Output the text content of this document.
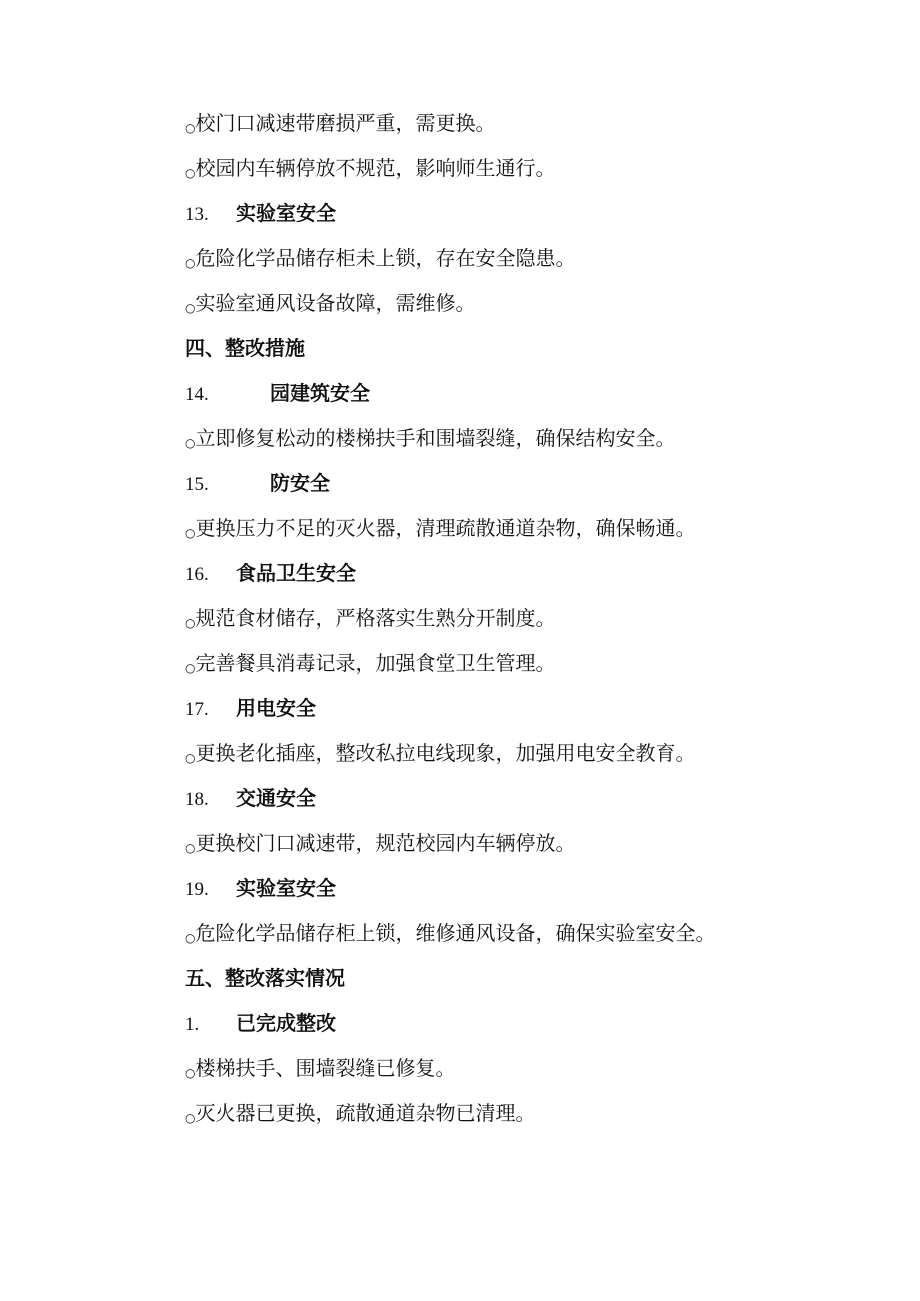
○校门口减速带磨损严重，需更换。
○校园内车辆停放不规范，影响师生通行。
13. 实验室安全
○危险化学品储存柜未上锁，存在安全隐患。
○实验室通风设备故障，需维修。
四、整改措施
14.	园建筑安全
○立即修复松动的楼梯扶手和围墙裂缝，确保结构安全。
15.	防安全
○更换压力不足的灭火器，清理疏散通道杂物，确保畅通。
16. 食品卫生安全
○规范食材储存，严格落实生熟分开制度。
○完善餐具消毒记录，加强食堂卫生管理。
17. 用电安全
○更换老化插座，整改私拉电线现象，加强用电安全教育。
18. 交通安全
○更换校门口减速带，规范校园内车辆停放。
19. 实验室安全
○危险化学品储存柜上锁，维修通风设备，确保实验室安全。
五、整改落实情况
1. 已完成整改
○楼梯扶手、围墙裂缝已修复。
○灭火器已更换，疏散通道杂物已清理。
